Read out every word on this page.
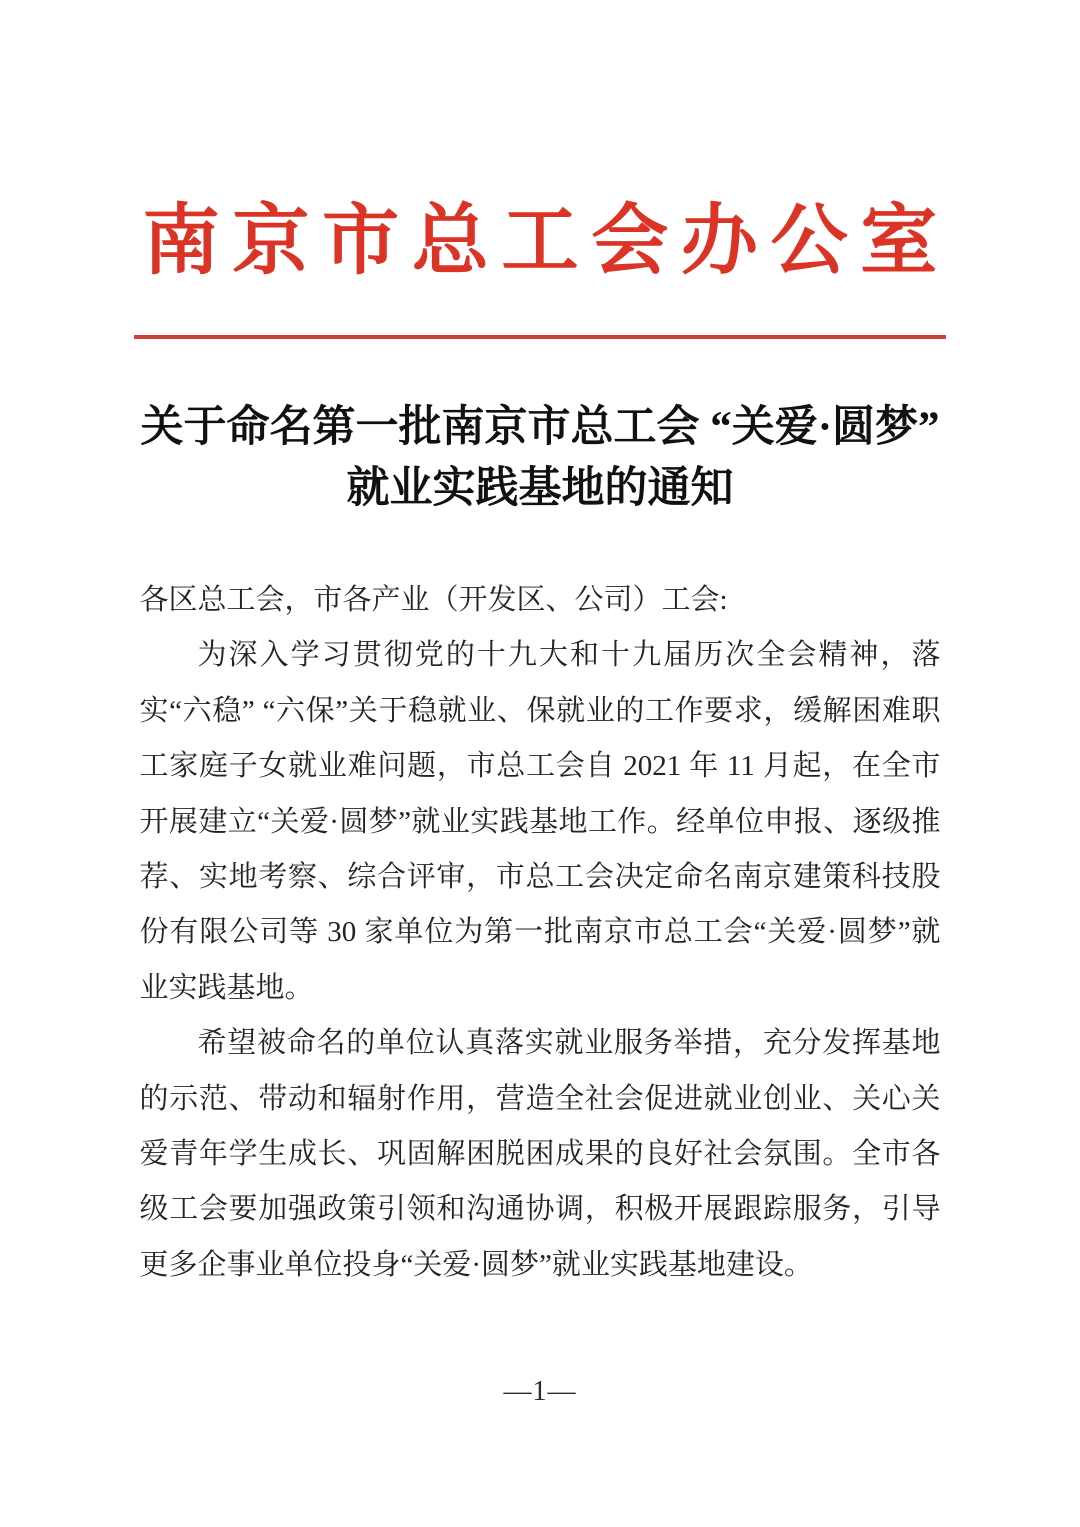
南京市总工会办公室
关于命名第一批南京市总工会 “关爱·圆梦”
就业实践基地的通知

各区总工会，市各产业（开发区、公司）工会:

为深入学习贯彻党的十九大和十九届历次全会精神，落实“六稳” “六保”关于稳就业、保就业的工作要求，缓解困难职工家庭子女就业难问题，市总工会自 2021 年 11 月起，在全市开展建立“关爱·圆梦”就业实践基地工作。经单位申报、逐级推荐、实地考察、综合评审，市总工会决定命名南京建策科技股份有限公司等 30 家单位为第一批南京市总工会“关爱·圆梦”就业实践基地。

希望被命名的单位认真落实就业服务举措，充分发挥基地的示范、带动和辐射作用，营造全社会促进就业创业、关心关爱青年学生成长、巩固解困脱困成果的良好社会氛围。全市各级工会要加强政策引领和沟通协调，积极开展跟踪服务，引导更多企事业单位投身“关爱·圆梦”就业实践基地建设。

—1—
